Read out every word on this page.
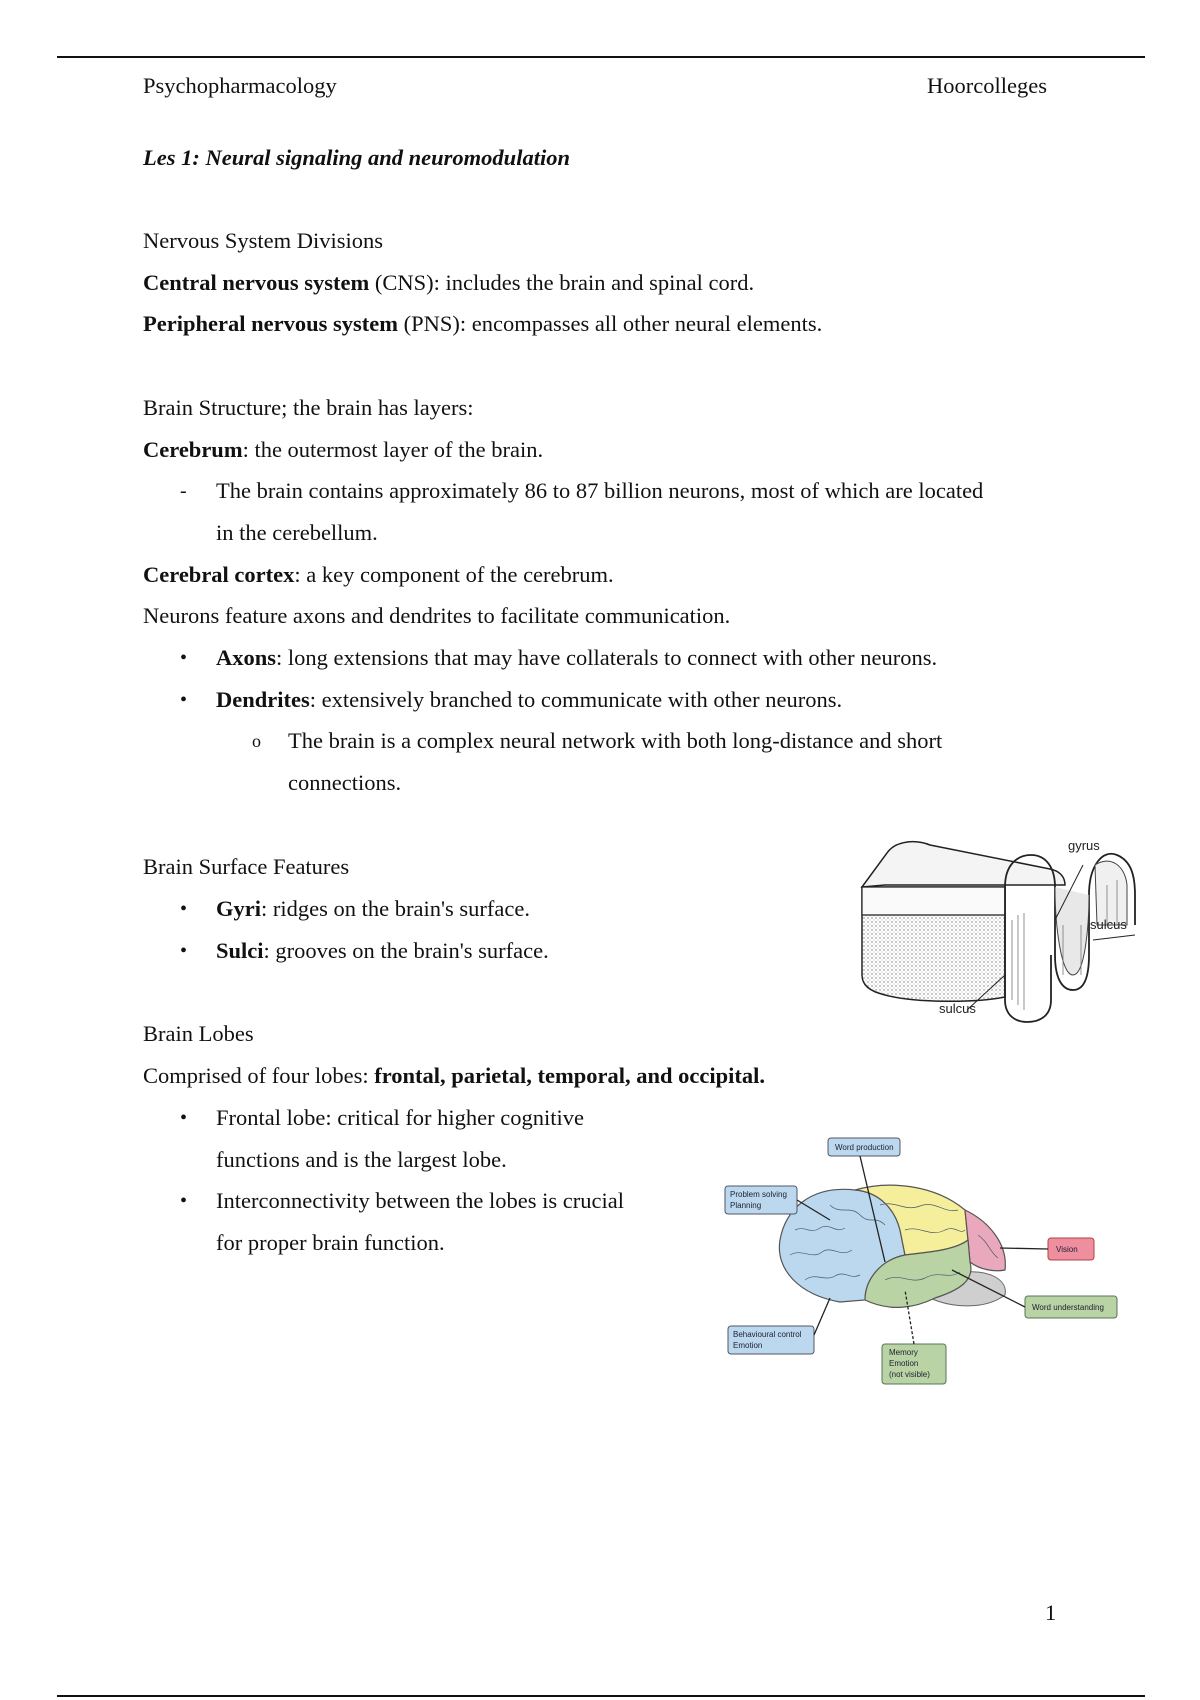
Psychopharmacology	Hoorcolleges
Les 1: Neural signaling and neuromodulation
Nervous System Divisions
Central nervous system (CNS): includes the brain and spinal cord.
Peripheral nervous system (PNS): encompasses all other neural elements.
Brain Structure; the brain has layers:
Cerebrum: the outermost layer of the brain.
- The brain contains approximately 86 to 87 billion neurons, most of which are located
in the cerebellum.
Cerebral cortex: a key component of the cerebrum.
Neurons feature axons and dendrites to facilitate communication.
• Axons: long extensions that may have collaterals to connect with other neurons.
• Dendrites: extensively branched to communicate with other neurons.
o The brain is a complex neural network with both long-distance and short
connections.
Brain Surface Features
• Gyri: ridges on the brain's surface.
• Sulci: grooves on the brain's surface.
gyrus
sulcus
sulcus
Brain Lobes
Comprised of four lobes: frontal, parietal, temporal, and occipital.
• Frontal lobe: critical for higher cognitive
functions and is the largest lobe.
• Interconnectivity between the lobes is crucial
for proper brain function.
Word production
Problem solving
Planning
Vision
Word understanding
Behavioural control
Emotion
Memory
Emotion
(not visible)
1
